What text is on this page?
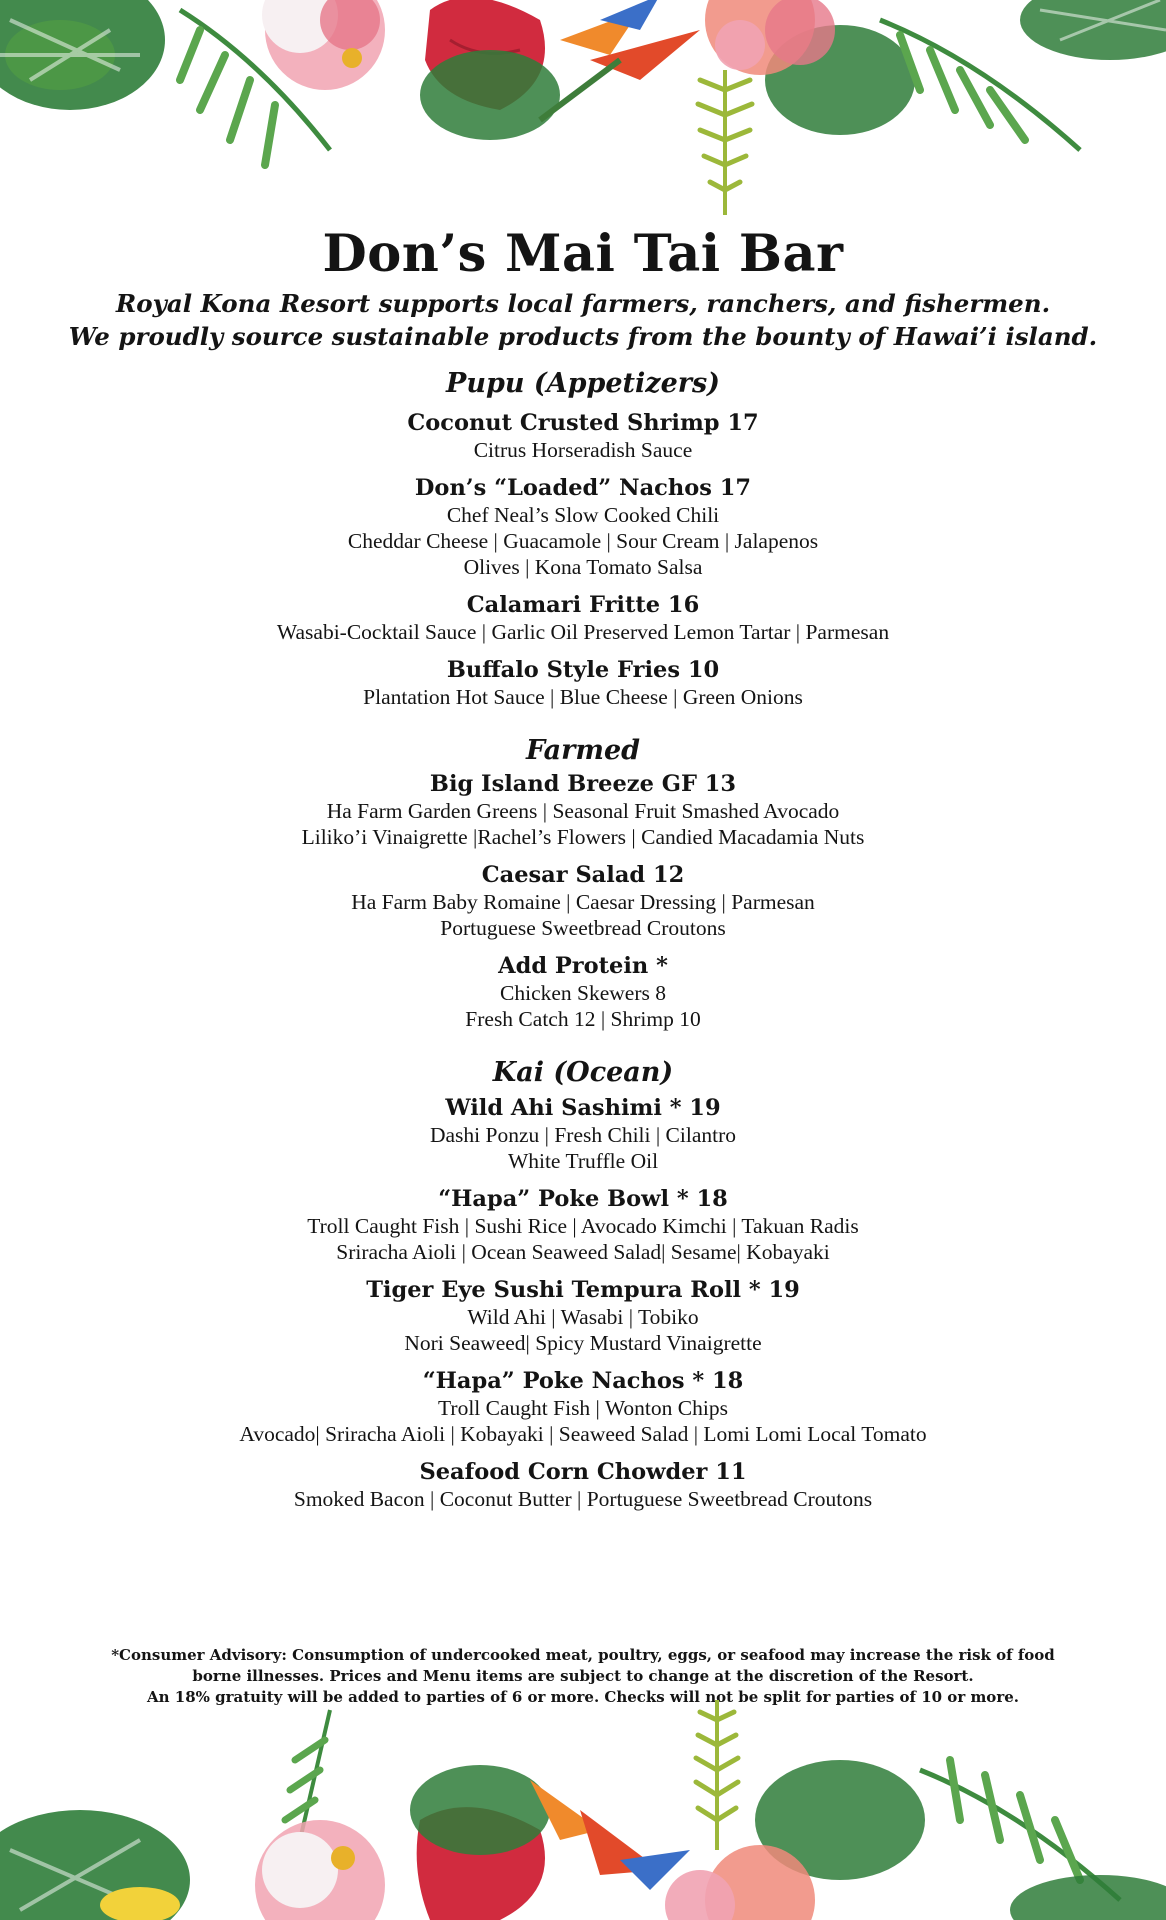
Don’s Mai Tai Bar

Royal Kona Resort supports local farmers, ranchers, and fishermen.

We proudly source sustainable products from the bounty of Hawai’i island.

Pupu (Appetizers)

Coconut Crusted Shrimp 17

Citrus Horseradish Sauce

Don’s “Loaded” Nachos 17

Chef Neal’s Slow Cooked Chili

Cheddar Cheese | Guacamole | Sour Cream | Jalapenos

Olives | Kona Tomato Salsa

Calamari Fritte 16

Wasabi-Cocktail Sauce | Garlic Oil Preserved Lemon Tartar | Parmesan

Buffalo Style Fries 10

Plantation Hot Sauce | Blue Cheese | Green Onions

Farmed

Big Island Breeze GF 13

Ha Farm Garden Greens | Seasonal Fruit Smashed Avocado

Liliko’i Vinaigrette |Rachel’s Flowers | Candied Macadamia Nuts

Caesar Salad 12

Ha Farm Baby Romaine | Caesar Dressing | Parmesan

Portuguese Sweetbread Croutons

Add Protein *

Chicken Skewers 8

Fresh Catch 12 | Shrimp 10

Kai (Ocean)

Wild Ahi Sashimi * 19

Dashi Ponzu | Fresh Chili | Cilantro

White Truffle Oil

“Hapa” Poke Bowl * 18

Troll Caught Fish | Sushi Rice | Avocado Kimchi | Takuan Radis

Sriracha Aioli | Ocean Seaweed Salad| Sesame| Kobayaki

Tiger Eye Sushi Tempura Roll * 19

Wild Ahi | Wasabi | Tobiko

Nori Seaweed| Spicy Mustard Vinaigrette

“Hapa” Poke Nachos * 18

Troll Caught Fish | Wonton Chips

Avocado| Sriracha Aioli | Kobayaki | Seaweed Salad | Lomi Lomi Local Tomato

Seafood Corn Chowder 11

Smoked Bacon | Coconut Butter | Portuguese Sweetbread Croutons

*Consumer Advisory: Consumption of undercooked meat, poultry, eggs, or seafood may increase the risk of food

borne illnesses. Prices and Menu items are subject to change at the discretion of the Resort.

An 18% gratuity will be added to parties of 6 or more. Checks will not be split for parties of 10 or more.
